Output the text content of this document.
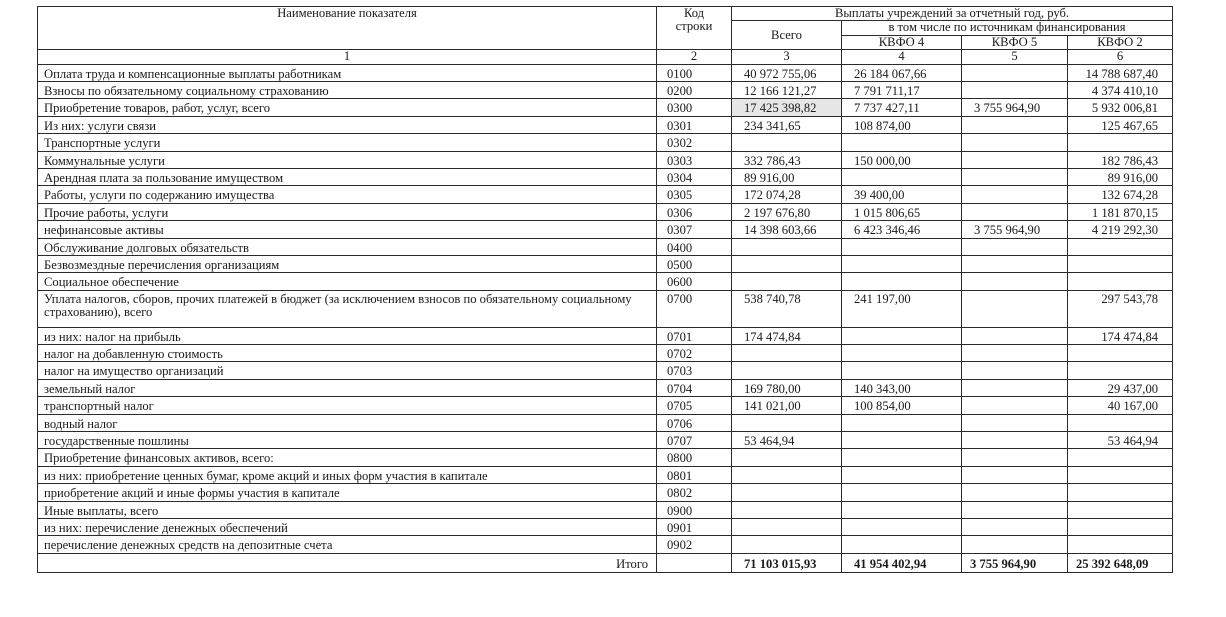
Наименование показателя	Код строки	Выплаты учреждений за отчетный год, руб.			
		Всего	в том числе по источникам финансирования		
			КВФО 4	КВФО 5	КВФО 2
1	2	3	4	5	6
Оплата труда и компенсационные выплаты работникам	0100	40 972 755,06	26 184 067,66		14 788 687,40
Взносы по обязательному социальному страхованию	0200	12 166 121,27	7 791 711,17		4 374 410,10
Приобретение товаров, работ, услуг, всего	0300	17 425 398,82	7 737 427,11	3 755 964,90	5 932 006,81
Из них: услуги связи	0301	234 341,65	108 874,00		125 467,65
Транспортные услуги	0302				
Коммунальные услуги	0303	332 786,43	150 000,00		182 786,43
Арендная плата за пользование имуществом	0304	89 916,00			89 916,00
Работы, услуги по содержанию имущества	0305	172 074,28	39 400,00		132 674,28
Прочие работы, услуги	0306	2 197 676,80	1 015 806,65		1 181 870,15
нефинансовые активы	0307	14 398 603,66	6 423 346,46	3 755 964,90	4 219 292,30
Обслуживание долговых обязательств	0400				
Безвозмездные перечисления организациям	0500				
Социальное обеспечение	0600				
Уплата налогов, сборов, прочих платежей в бюджет (за исключением взносов по обязательному социальному страхованию), всего	0700	538 740,78	241 197,00		297 543,78
из них: налог на прибыль	0701	174 474,84			174 474,84
налог на добавленную стоимость	0702				
налог на имущество организаций	0703				
земельный налог	0704	169 780,00	140 343,00		29 437,00
транспортный налог	0705	141 021,00	100 854,00		40 167,00
водный налог	0706				
государственные пошлины	0707	53 464,94			53 464,94
Приобретение финансовых активов, всего:	0800				
из них: приобретение ценных бумаг, кроме акций и иных форм участия в капитале	0801				
приобретение акций и иные формы участия в капитале	0802				
Иные выплаты, всего	0900				
из них: перечисление денежных обеспечений	0901				
перечисление денежных средств на депозитные счета	0902				
Итого		71 103 015,93	41 954 402,94	3 755 964,90	25 392 648,09
